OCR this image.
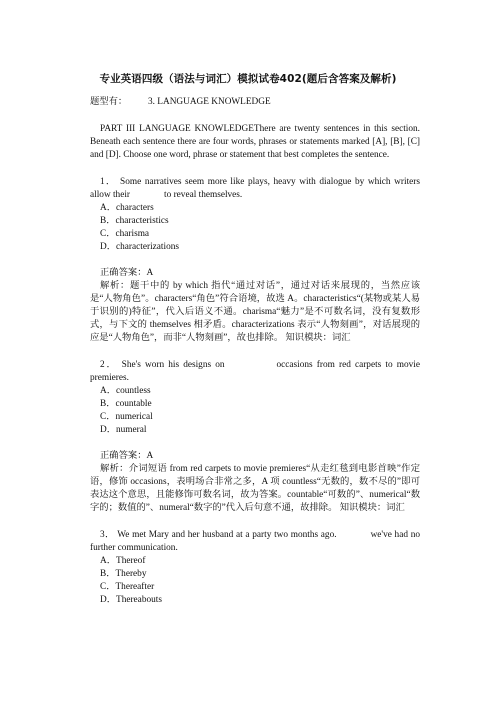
专业英语四级（语法与词汇）模拟试卷402(题后含答案及解析)
题型有： 3. LANGUAGE KNOWLEDGE
PART III LANGUAGE KNOWLEDGEThere are twenty sentences in this section. Beneath each sentence there are four words, phrases or statements marked [A], [B], [C] and [D]. Choose one word, phrase or statement that best completes the sentence.
1． Some narratives seem more like plays, heavy with dialogue by which writers allow their	to reveal themselves.
A．characters
B．characteristics
C．charisma
D．characterizations
正确答案：A
解析：题干中的 by which 指代“通过对话”，通过对话来展现的，当然应该是“人物角色”。characters“角色”符合语境，故选 A。characteristics“(某物或某人易于识别的)特征”，代入后语义不通。charisma“魅力”是不可数名词，没有复数形式，与下文的 themselves 相矛盾。characterizations 表示“人物刻画”，对话展现的应是“人物角色”，而非“人物刻画”，故也排除。 知识模块：词汇
2． She's worn his designs on	occasions from red carpets to movie premieres.
A．countless
B．countable
C．numerical
D．numeral
正确答案：A
解析：介词短语 from red carpets to movie premieres“从走红毯到电影首映”作定语，修饰 occasions，表明场合非常之多，A 项 countless“无数的，数不尽的”即可表达这个意思，且能修饰可数名词，故为答案。countable“可数的”、numerical“数字的；数值的”、numeral“数字的”代入后句意不通，故排除。 知识模块：词汇
3． We met Mary and her husband at a party two months ago.	we've had no further communication.
A．Thereof
B．Thereby
C．Thereafter
D．Thereabouts
